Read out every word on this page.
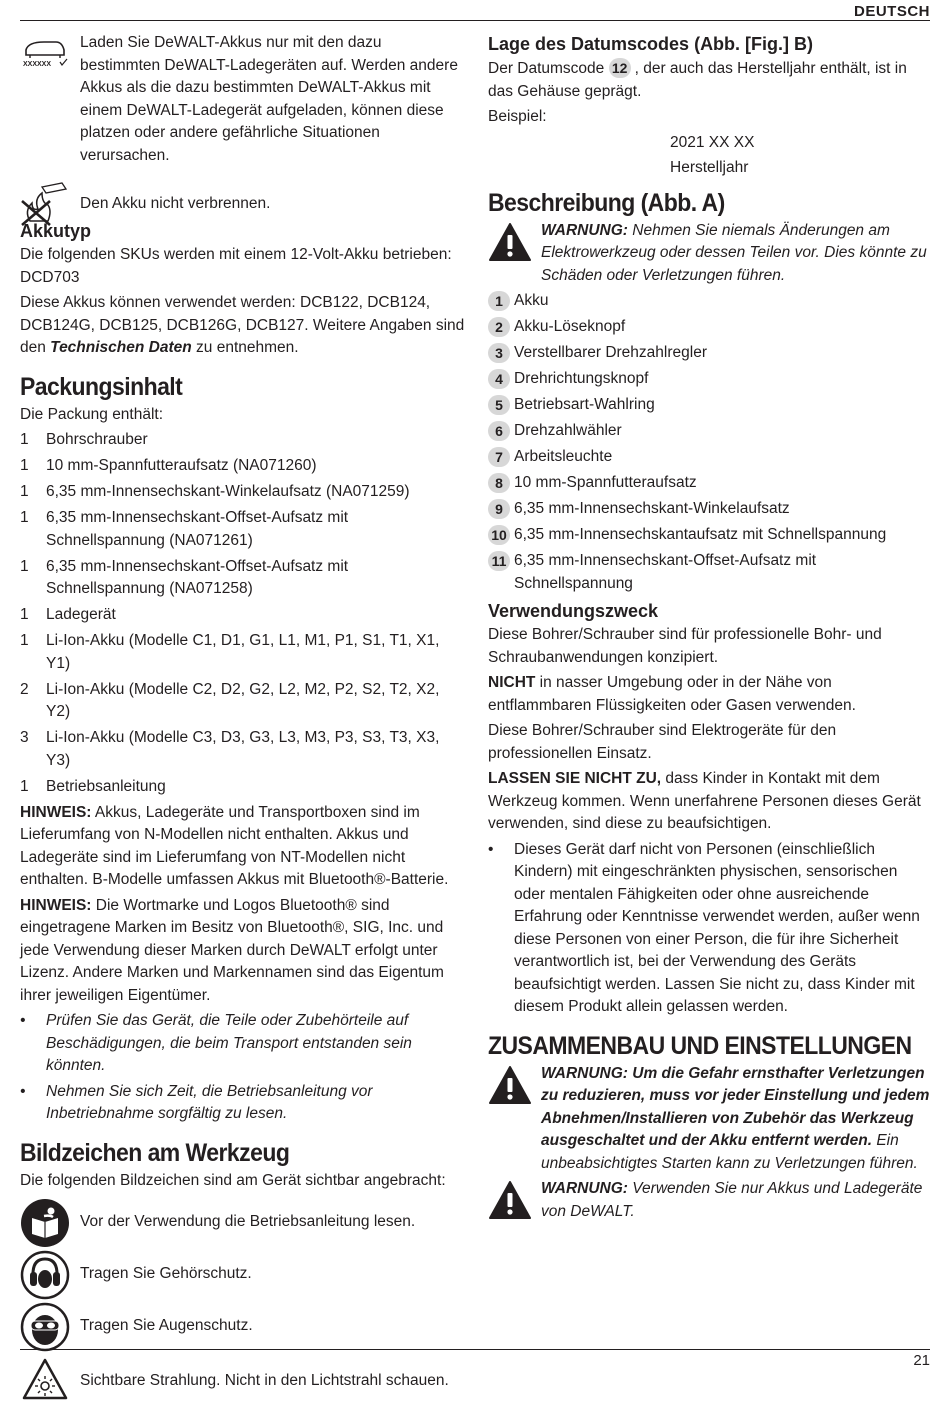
DEUTSCH
XXXXXX
Laden Sie DeWALT-Akkus nur mit den dazu bestimmten DeWALT-Ladegeräten auf. Werden andere Akkus als die dazu bestimmten DeWALT-Akkus mit einem DeWALT-Ladegerät aufgeladen, können diese platzen oder andere gefährliche Situationen verursachen.
Den Akku nicht verbrennen.
Akkutyp

Die folgenden SKUs werden mit einem 12-Volt-Akku betrieben: DCD703

Diese Akkus können verwendet werden: DCB122, DCB124, DCB124G, DCB125, DCB126G, DCB127. Weitere Angaben sind den Technischen Daten zu entnehmen.

Packungsinhalt

Die Packung enthält:

1	Bohrschrauber
1	10 mm-Spannfutteraufsatz (NA071260)
1	6,35 mm-Innensechskant-Winkelaufsatz (NA071259)
1	6,35 mm-Innensechskant-Offset-Aufsatz mit Schnellspannung (NA071261)
1	6,35 mm-Innensechskant-Offset-Aufsatz mit Schnellspannung (NA071258)
1	Ladegerät
1	Li-Ion-Akku (Modelle C1, D1, G1, L1, M1, P1, S1, T1, X1, Y1)
2	Li-Ion-Akku (Modelle C2, D2, G2, L2, M2, P2, S2, T2, X2, Y2)
3	Li-Ion-Akku (Modelle C3, D3, G3, L3, M3, P3, S3, T3, X3, Y3)
1	Betriebsanleitung

HINWEIS: Akkus, Ladegeräte und Transportboxen sind im Lieferumfang von N-Modellen nicht enthalten. Akkus und Ladegeräte sind im Lieferumfang von NT-Modellen nicht enthalten. B-Modelle umfassen Akkus mit Bluetooth®-Batterie.

HINWEIS: Die Wortmarke und Logos Bluetooth® sind eingetragene Marken im Besitz von Bluetooth®, SIG, Inc. und jede Verwendung dieser Marken durch DeWALT erfolgt unter Lizenz. Andere Marken und Markennamen sind das Eigentum ihrer jeweiligen Eigentümer.

•	Prüfen Sie das Gerät, die Teile oder Zubehörteile auf Beschädigungen, die beim Transport entstanden sein könnten.
•	Nehmen Sie sich Zeit, die Betriebsanleitung vor Inbetriebnahme sorgfältig zu lesen.
Bildzeichen am Werkzeug

Die folgenden Bildzeichen sind am Gerät sichtbar angebracht:

Vor der Verwendung die Betriebsanleitung lesen.
Tragen Sie Gehörschutz.
Tragen Sie Augenschutz.
Sichtbare Strahlung. Nicht in den Lichtstrahl schauen.
Lage des Datumscodes (Abb. [Fig.] B)

Der Datumscode 12 , der auch das Herstelljahr enthält, ist in das Gehäuse geprägt.

Beispiel:

2021 XX XX

Herstelljahr

Beschreibung (Abb. A)
WARNUNG: Nehmen Sie niemals Änderungen am Elektrowerkzeug oder dessen Teilen vor. Dies könnte zu Schäden oder Verletzungen führen.
1 Akku
2 Akku-Löseknopf
3 Verstellbarer Drehzahlregler
4 Drehrichtungsknopf
5 Betriebsart-Wahlring
6 Drehzahlwähler
7 Arbeitsleuchte
8 10 mm-Spannfutteraufsatz
9 6,35 mm-Innensechskant-Winkelaufsatz
10 6,35 mm-Innensechskantaufsatz mit Schnellspannung
11 6,35 mm-Innensechskant-Offset-Aufsatz mit Schnellspannung
Verwendungszweck

Diese Bohrer/Schrauber sind für professionelle Bohr- und Schraubanwendungen konzipiert.

NICHT in nasser Umgebung oder in der Nähe von entflammbaren Flüssigkeiten oder Gasen verwenden.

Diese Bohrer/Schrauber sind Elektrogeräte für den professionellen Einsatz.

LASSEN SIE NICHT ZU, dass Kinder in Kontakt mit dem Werkzeug kommen. Wenn unerfahrene Personen dieses Gerät verwenden, sind diese zu beaufsichtigen.

•	Dieses Gerät darf nicht von Personen (einschließlich Kindern) mit eingeschränkten physischen, sensorischen oder mentalen Fähigkeiten oder ohne ausreichende Erfahrung oder Kenntnisse verwendet werden, außer wenn diese Personen von einer Person, die für ihre Sicherheit verantwortlich ist, bei der Verwendung des Geräts beaufsichtigt werden. Lassen Sie nicht zu, dass Kinder mit diesem Produkt allein gelassen werden.
ZUSAMMENBAU UND EINSTELLUNGEN
WARNUNG: Um die Gefahr ernsthafter Verletzungen zu reduzieren, muss vor jeder Einstellung und jedem Abnehmen/Installieren von Zubehör das Werkzeug ausgeschaltet und der Akku entfernt werden. Ein unbeabsichtigtes Starten kann zu Verletzungen führen.
WARNUNG: Verwenden Sie nur Akkus und Ladegeräte von DeWALT.
21
